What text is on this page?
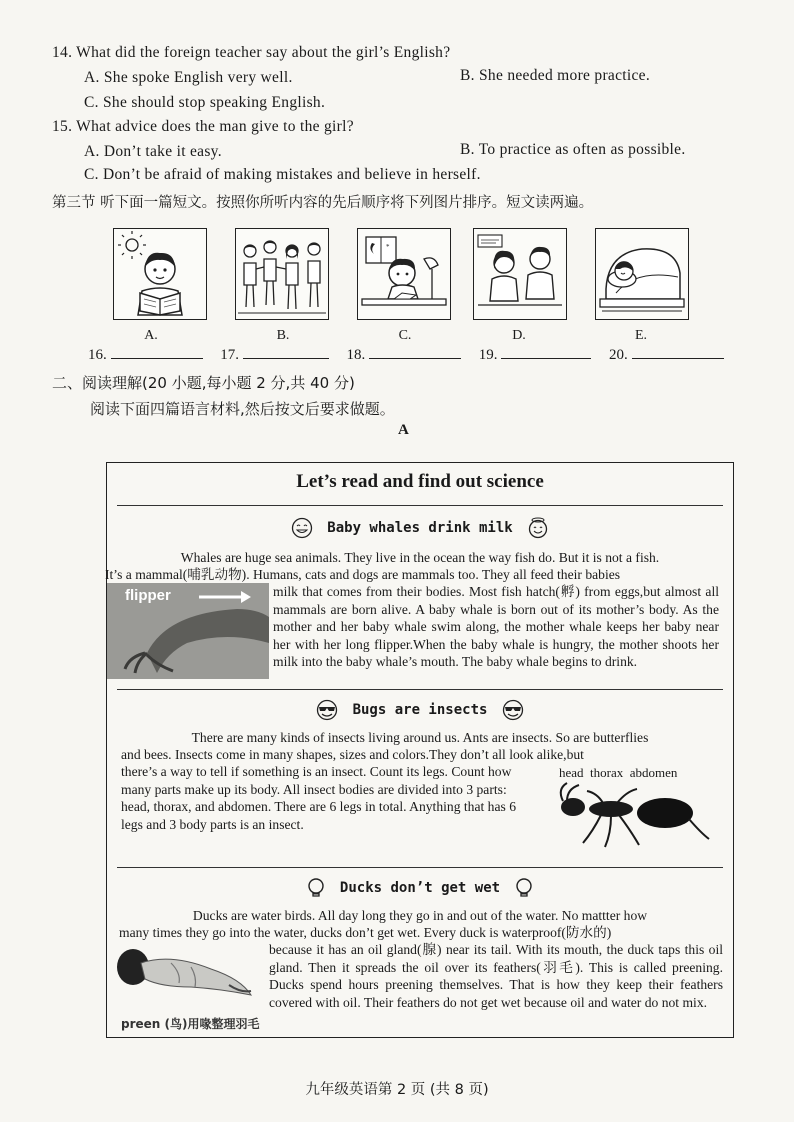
14. What did the foreign teacher say about the girl’s English?
A. She spoke English very well.	B. She needed more practice.
C. She should stop speaking English.
15. What advice does the man give to the girl?
A. Don’t take it easy.	B. To practice as often as possible.
C. Don’t be afraid of making mistakes and believe in herself.
第三节 听下面一篇短文。按照你所听内容的先后顺序将下列图片排序。短文读两遍。
*
A.	B.	C.	D.	E.
16.	17.	18.	19.	20.
二、阅读理解(20 小题,每小题 2 分,共 40 分)
阅读下面四篇语言材料,然后按文后要求做题。
A
Let’s read and find out science
Baby whales drink milk
Whales are huge sea animals. They live in the ocean the way fish do. But it is not a fish.
It’s a mammal(哺乳动物). Humans, cats and dogs are mammals too. They all feed their babies
flipper	milk that comes from their bodies. Most fish hatch(孵) from eggs,but almost all mammals are born alive. A baby whale is born out of its mother’s body. As the mother and her baby whale swim along, the mother whale keeps her baby near her with her long flipper.When the baby whale is hungry, the mother shoots her milk into the baby whale’s mouth. The baby whale begins to drink.
Bugs are insects
There are many kinds of insects living around us. Ants are insects. So are butterflies
and bees. Insects come in many shapes, sizes and colors.They don’t all look alike,but
there’s a way to tell if something is an insect. Count its legs. Count how many parts make up its body. All insect bodies are divided into 3 parts: head, thorax, and abdomen. There are 6 legs in total. Anything that has 6 legs and 3 body parts is an insect.
head  thorax  abdomen
Ducks don’t get wet
Ducks are water birds. All day long they go in and out of the water. No mattter how
many times they go into the water, ducks don’t get wet. Every duck is waterproof(防水的)
preen (鸟)用喙整理羽毛
because it has an oil gland(腺) near its tail. With its mouth, the duck taps this oil gland. Then it spreads the oil over its feathers(羽毛). This is called preening. Ducks spend hours preening themselves. That is how they keep their feathers covered with oil. Their feathers do not get wet because oil and water do not mix.
九年级英语第 2 页 (共 8 页)
